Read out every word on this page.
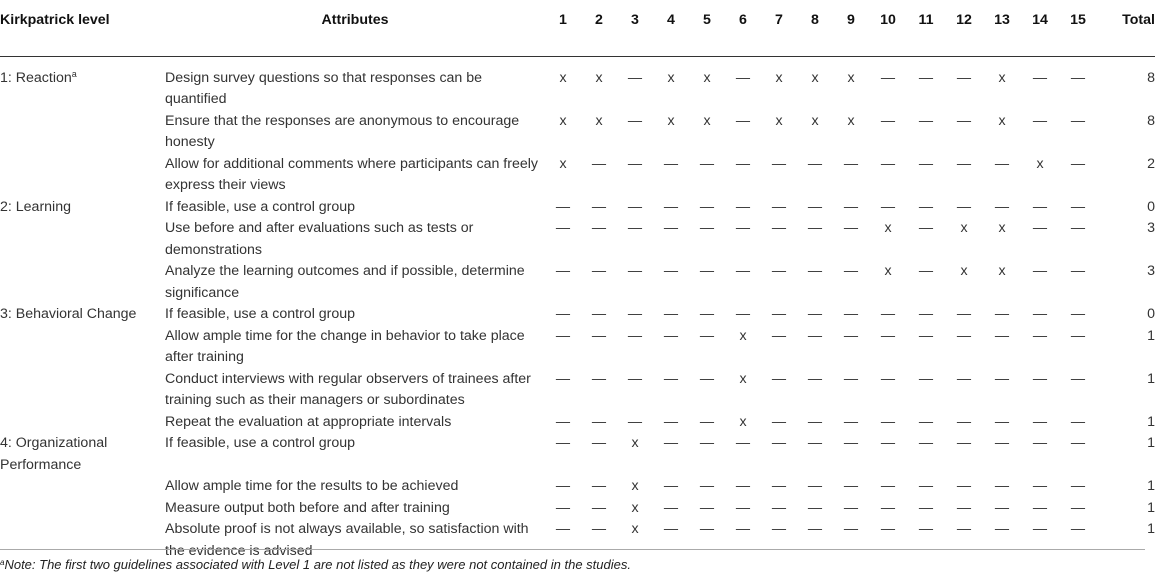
Kirkpatrick level	Attributes	1	2	3	4	5	6	7	8	9	10	11	12	13	14	15	Total
1: Reaction$^a$	Design survey questions so that responses can be quantified	x	x	—	x	x	—	x	x	x	—	—	—	x	—	—	8
	Ensure that the responses are anonymous to encourage honesty	x	x	—	x	x	—	x	x	x	—	—	—	x	—	—	8
	Allow for additional comments where participants can freely express their views	x	—	—	—	—	—	—	—	—	—	—	—	—	x	—	2
2: Learning	If feasible, use a control group	—	—	—	—	—	—	—	—	—	—	—	—	—	—	—	0
	Use before and after evaluations such as tests or demonstrations	—	—	—	—	—	—	—	—	—	x	—	x	x	—	—	3
	Analyze the learning outcomes and if possible, determine significance	—	—	—	—	—	—	—	—	—	x	—	x	x	—	—	3
3: Behavioral Change	If feasible, use a control group	—	—	—	—	—	—	—	—	—	—	—	—	—	—	—	0
	Allow ample time for the change in behavior to take place after training	—	—	—	—	—	x	—	—	—	—	—	—	—	—	—	1
	Conduct interviews with regular observers of trainees after training such as their managers or subordinates	—	—	—	—	—	x	—	—	—	—	—	—	—	—	—	1
	Repeat the evaluation at appropriate intervals	—	—	—	—	—	x	—	—	—	—	—	—	—	—	—	1
4: Organizational Performance	If feasible, use a control group	—	—	x	—	—	—	—	—	—	—	—	—	—	—	—	1
	Allow ample time for the results to be achieved	—	—	x	—	—	—	—	—	—	—	—	—	—	—	—	1
	Measure output both before and after training	—	—	x	—	—	—	—	—	—	—	—	—	—	—	—	1
	Absolute proof is not always available, so satisfaction with the evidence is advised	—	—	x	—	—	—	—	—	—	—	—	—	—	—	—	1
$^a$Note: The first two guidelines associated with Level 1 are not listed as they were not contained in the studies.
